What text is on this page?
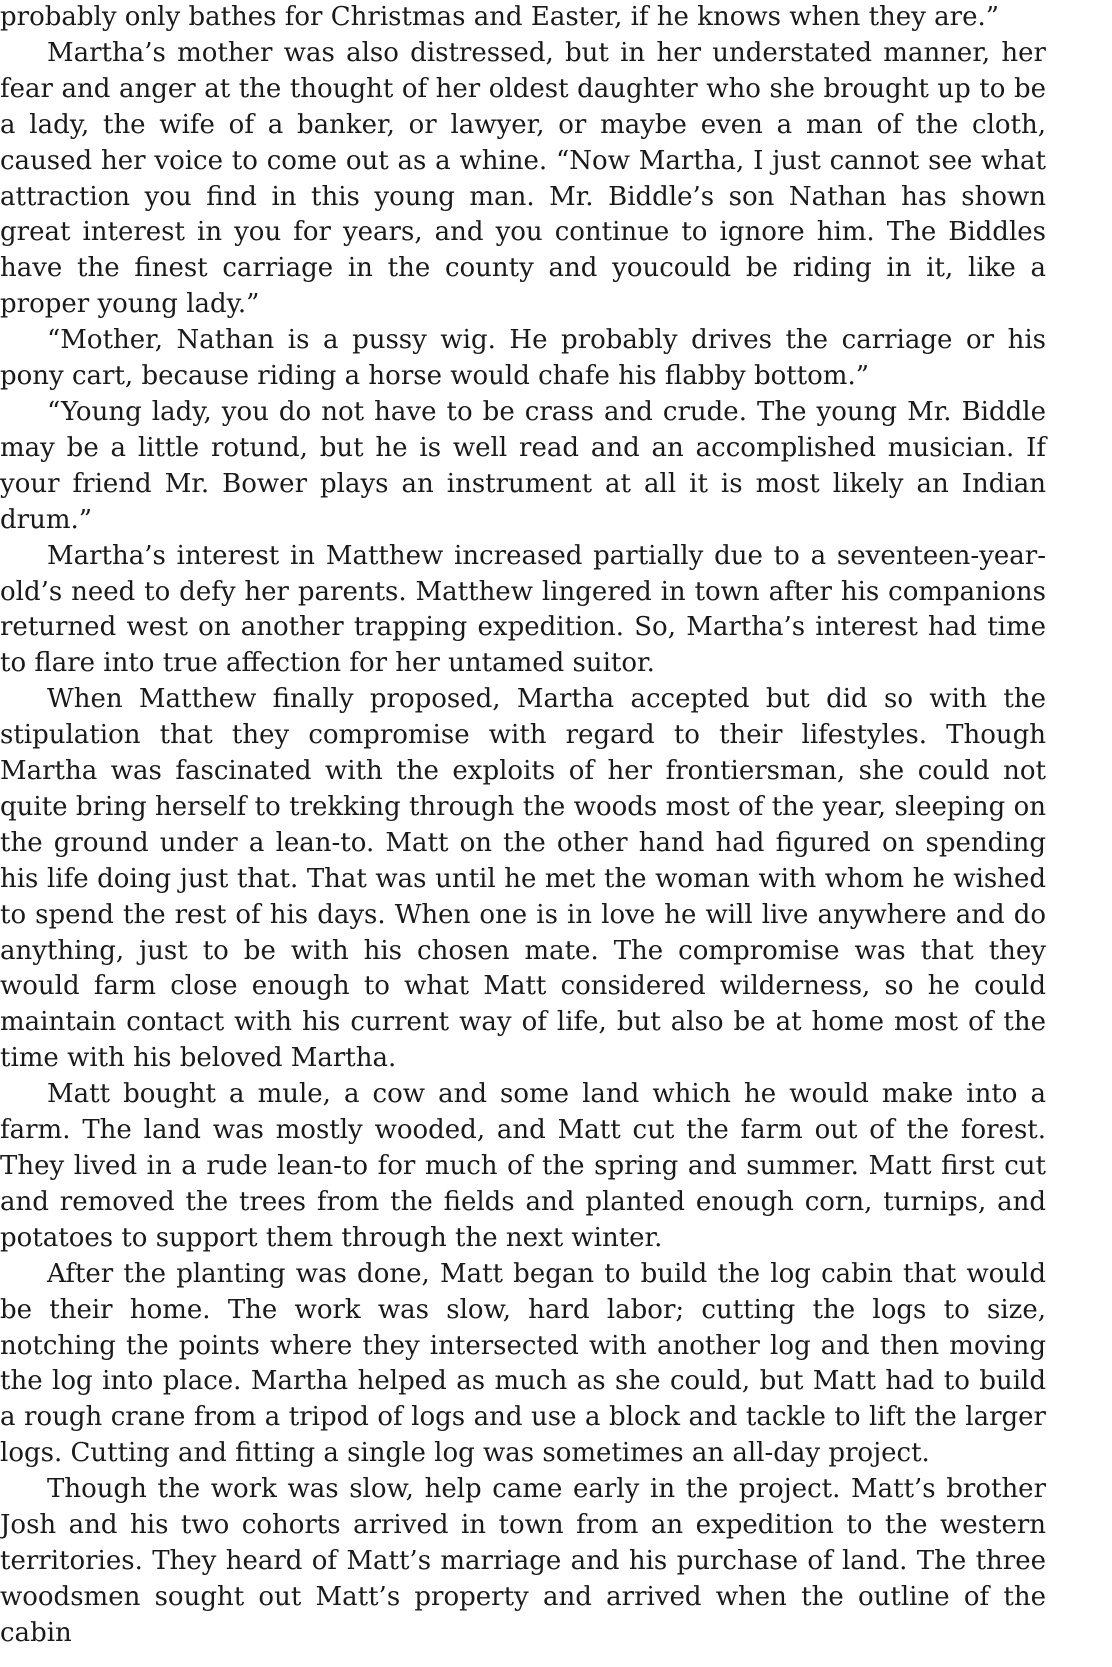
probably only bathes for Christmas and Easter, if he knows when they are.”

Martha’s mother was also distressed, but in her understated manner, her fear and anger at the thought of her oldest daughter who she brought up to be a lady, the wife of a banker, or lawyer, or maybe even a man of the cloth, caused her voice to come out as a whine. “Now Martha, I just cannot see what attraction you find in this young man. Mr. Biddle’s son Nathan has shown great interest in you for years, and you continue to ignore him. The Biddles have the finest carriage in the county and youcould be riding in it, like a proper young lady.”

“Mother, Nathan is a pussy wig. He probably drives the carriage or his pony cart, because riding a horse would chafe his flabby bottom.”

“Young lady, you do not have to be crass and crude. The young Mr. Biddle may be a little rotund, but he is well read and an accomplished musician. If your friend Mr. Bower plays an instrument at all it is most likely an Indian drum.”

Martha’s interest in Matthew increased partially due to a seventeen-year-old’s need to defy her parents. Matthew lingered in town after his companions returned west on another trapping expedition. So, Martha’s interest had time to flare into true affection for her untamed suitor.

When Matthew finally proposed, Martha accepted but did so with the stipulation that they compromise with regard to their lifestyles. Though Martha was fascinated with the exploits of her frontiersman, she could not quite bring herself to trekking through the woods most of the year, sleeping on the ground under a lean-to. Matt on the other hand had figured on spending his life doing just that. That was until he met the woman with whom he wished to spend the rest of his days. When one is in love he will live anywhere and do anything, just to be with his chosen mate. The compromise was that they would farm close enough to what Matt considered wilderness, so he could maintain contact with his current way of life, but also be at home most of the time with his beloved Martha.

Matt bought a mule, a cow and some land which he would make into a farm. The land was mostly wooded, and Matt cut the farm out of the forest. They lived in a rude lean-to for much of the spring and summer. Matt first cut and removed the trees from the fields and planted enough corn, turnips, and potatoes to support them through the next winter.

After the planting was done, Matt began to build the log cabin that would be their home. The work was slow, hard labor; cutting the logs to size, notching the points where they intersected with another log and then moving the log into place. Martha helped as much as she could, but Matt had to build a rough crane from a tripod of logs and use a block and tackle to lift the larger logs. Cutting and fitting a single log was sometimes an all-day project.

Though the work was slow, help came early in the project. Matt’s brother Josh and his two cohorts arrived in town from an expedition to the western territories. They heard of Matt’s marriage and his purchase of land. The three woodsmen sought out Matt’s property and arrived when the outline of the cabin
